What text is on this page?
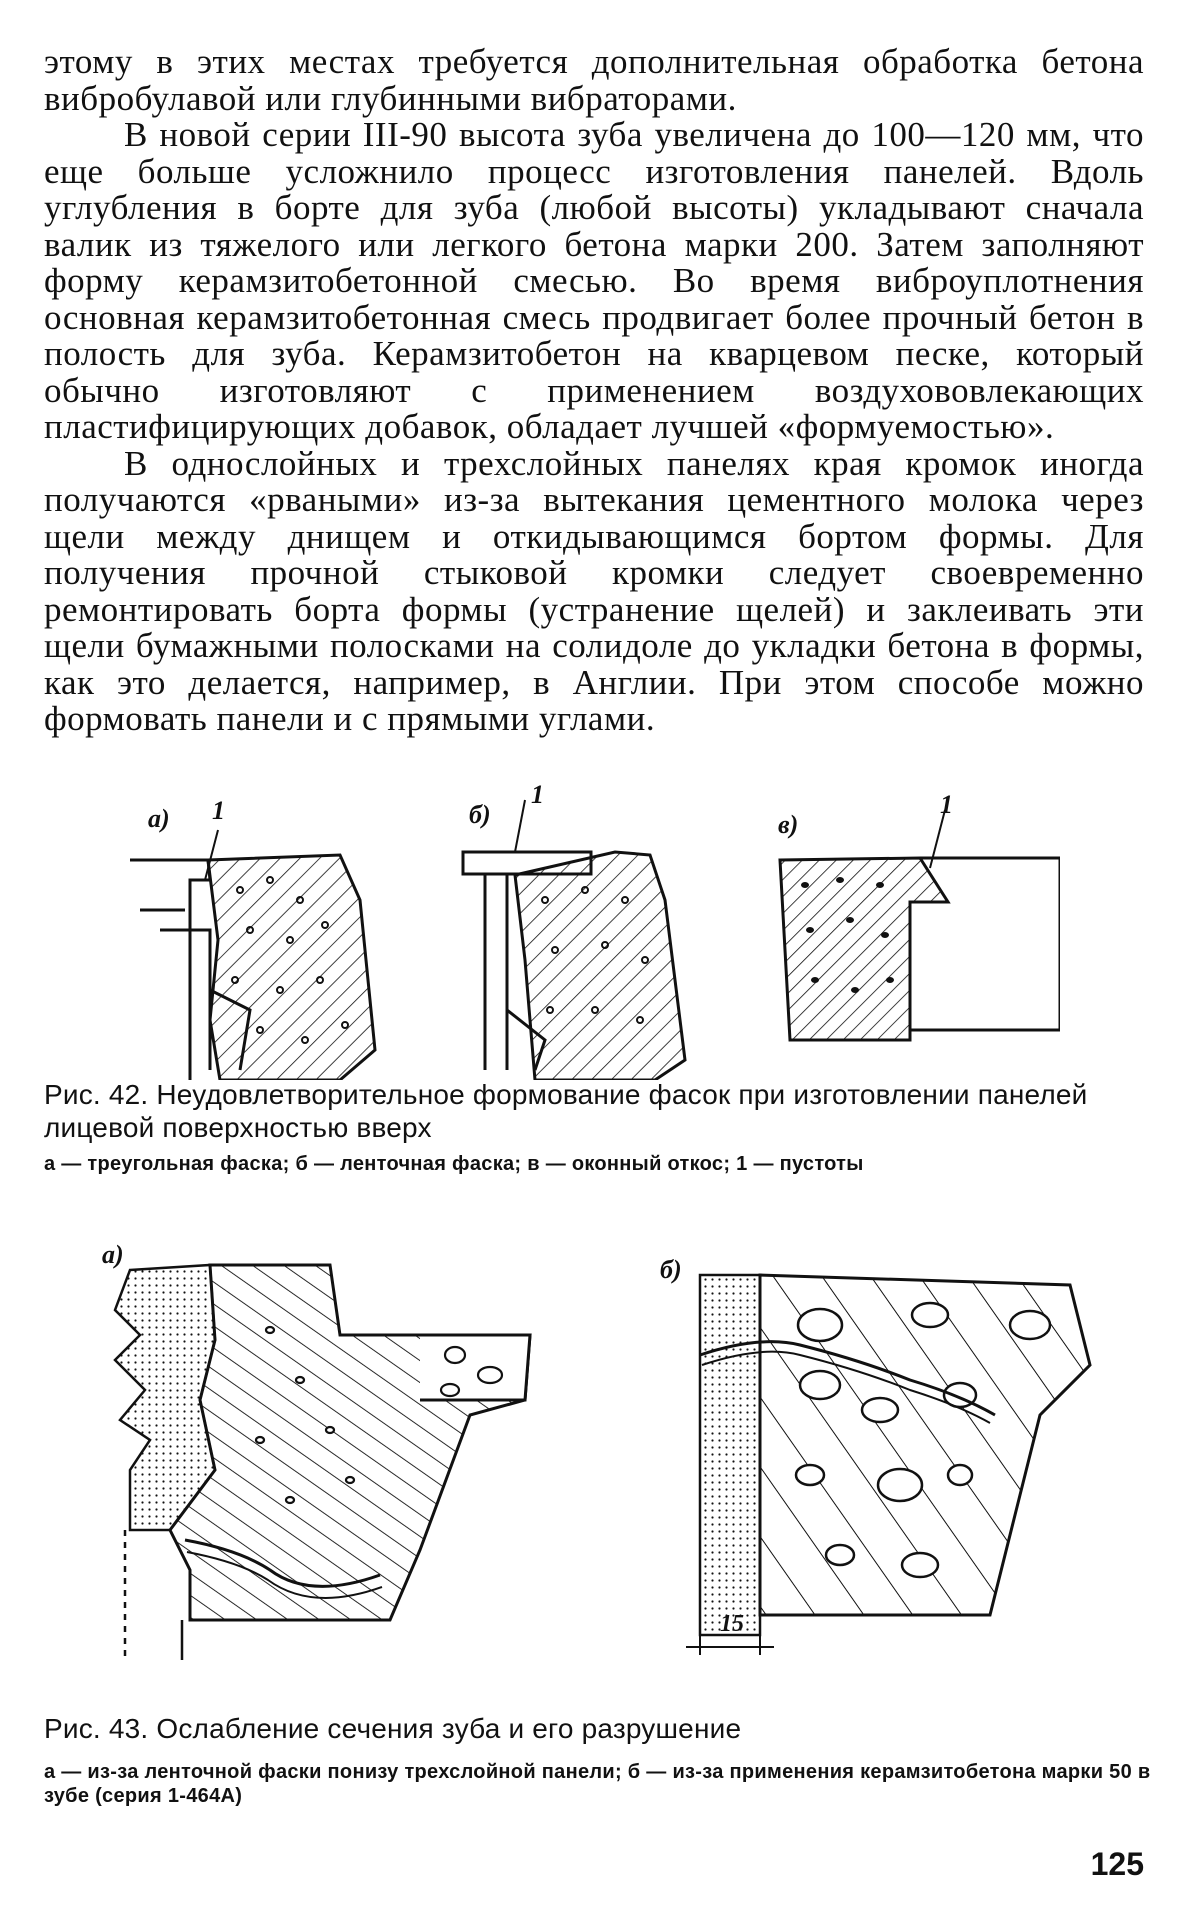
этому в этих местах требуется дополнительная обработка бетона вибробулавой или глубинными вибраторами.

В новой серии III-90 высота зуба увеличена до 100—120 мм, что еще больше усложнило процесс изготовления панелей. Вдоль углубления в борте для зуба (любой высоты) укладывают сначала валик из тяжелого или легкого бетона марки 200. Затем заполняют форму керамзитобетонной смесью. Во время виброуплотнения основная керамзитобетонная смесь продвигает более прочный бетон в полость для зуба. Керамзитобетон на кварцевом песке, который обычно изготовляют с применением воздухововлекающих пластифицирующих добавок, обладает лучшей «формуемостью».

В однослойных и трехслойных панелях края кромок иногда получаются «рваными» из-за вытекания цементного молока через щели между днищем и откидывающимся бортом формы. Для получения прочной стыковой кромки следует своевременно ремонтировать борта формы (устранение щелей) и заклеивать эти щели бумажными полосками на солидоле до укладки бетона в формы, как это делается, например, в Англии. При этом способе можно формовать панели и с прямыми углами.

а) 1	б)
1
в)
1
Рис. 42. Неудовлетворительное формование фасок при изготовлении панелей лицевой поверхностью вверх
а — треугольная фаска; б — ленточная фаска; в — оконный откос; 1 — пустоты
а)
б)
15
Рис. 43. Ослабление сечения зуба и его разрушение
а — из-за ленточной фаски понизу трехслойной панели; б — из-за применения керамзитобетона марки 50 в зубе (серия 1-464А)
125
